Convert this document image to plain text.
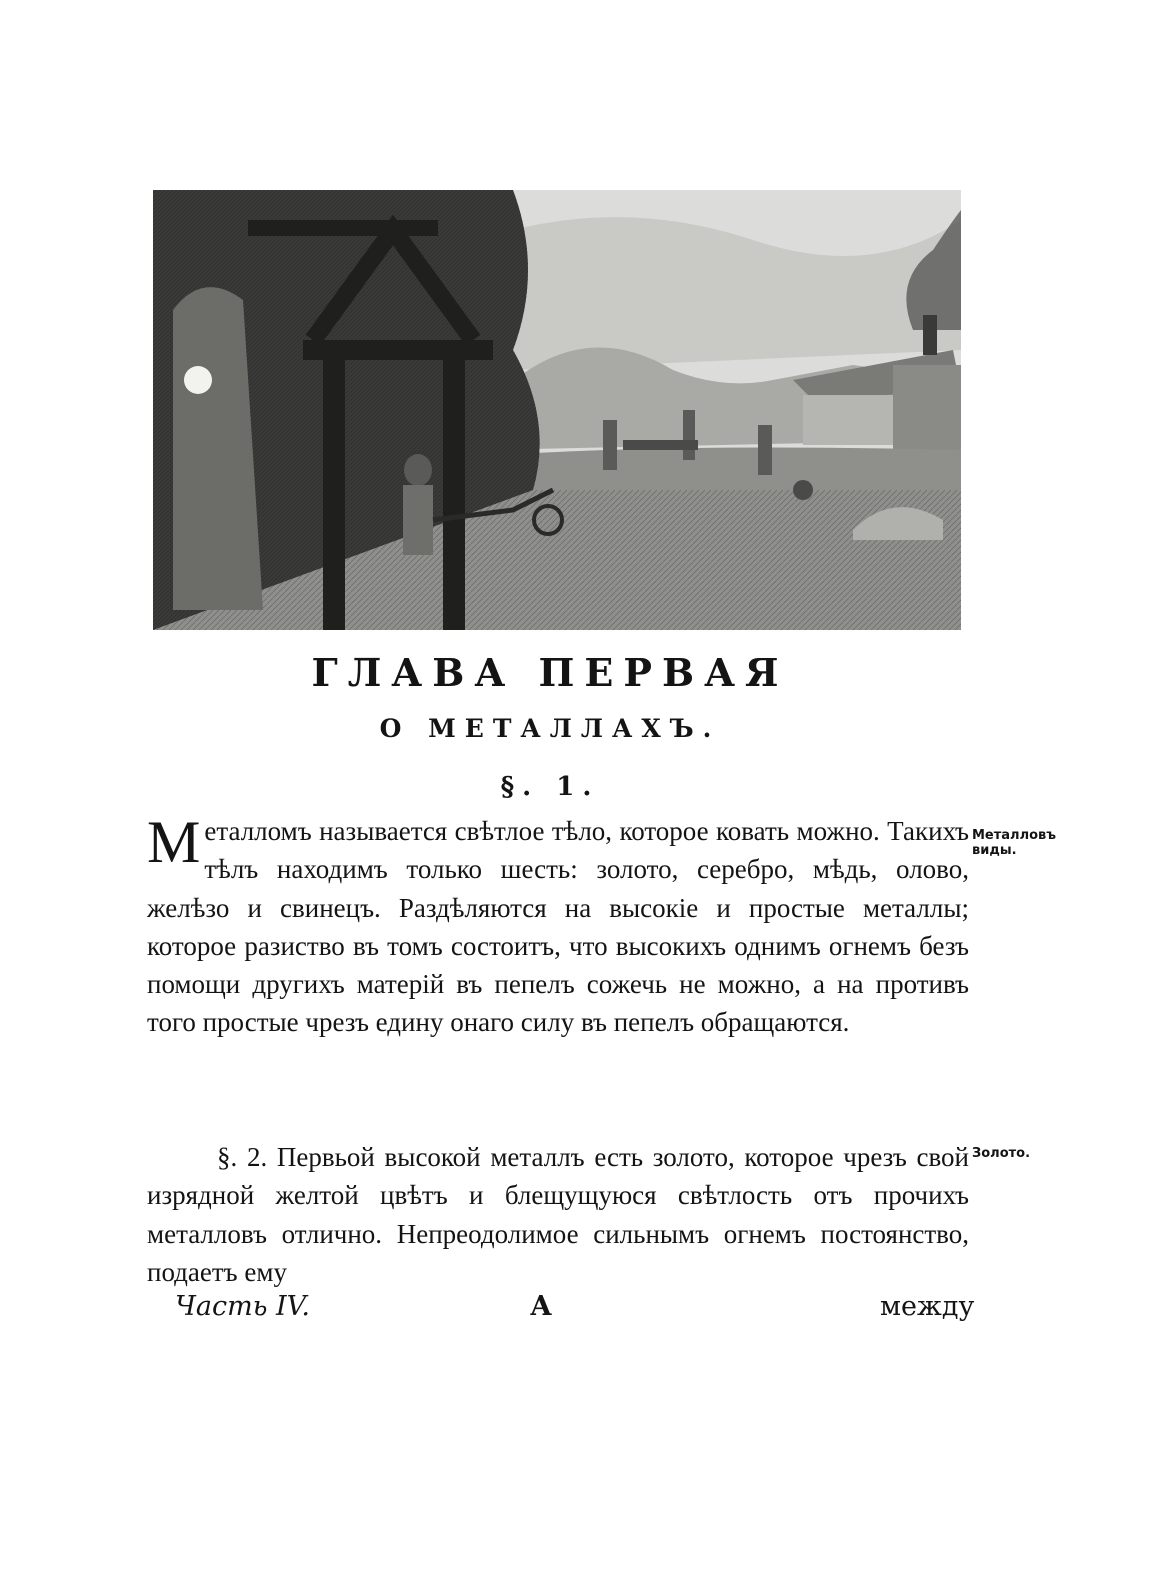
ГЛАВА ПЕРВАЯ
О МЕТАЛЛАХЪ.
§. 1.
Металломъ называется свѣтлое тѣло, которое ковать можно. Такихъ тѣлъ находимъ только шесть: золото, серебро, мѣдь, олово, желѣзо и свинецъ. Раздѣляются на высокіе и простые металлы; которое разиство въ томъ состоитъ, что высокихъ однимъ огнемъ безъ помощи другихъ матерій въ пепелъ сожечь не можно, а на противъ того простые чрезъ едину онаго силу въ пепелъ обращаются.
Металловъ виды.
§. 2. Первьой высокой металлъ есть золото, которое чрезъ свой изрядной желтой цвѣтъ и блещущуюся свѣтлость отъ прочихъ металловъ отлично. Непреодолимое сильнымъ огнемъ постоянство, подаетъ ему
Золото.
Часть IV.	А	между
